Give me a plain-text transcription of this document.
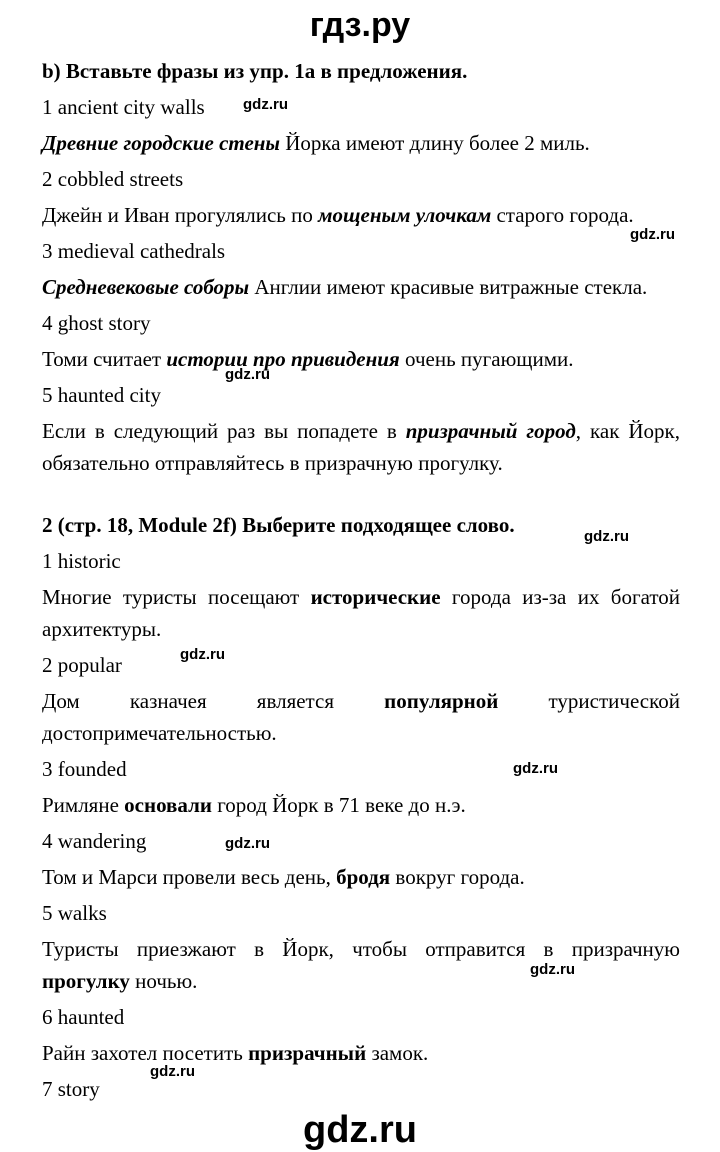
гдз.ру

b) Вставьте фразы из упр. 1а в предложения.

1 ancient city walls

Древние городские стены Йорка имеют длину более 2 миль.

2 cobbled streets

Джейн и Иван прогулялись по мощеным улочкам старого города.

3 medieval cathedrals

Средневековые соборы Англии имеют красивые витражные стекла.

4 ghost story

Томи считает истории про привидения очень пугающими.

5 haunted city

Если в следующий раз вы попадете в призрачный город, как Йорк, обязательно отправляйтесь в призрачную прогулку.

2 (стр. 18, Module 2f) Выберите подходящее слово.

1 historic

Многие туристы посещают исторические города из-за их богатой архитектуры.

2 popular

Дом казначея является популярной туристической достопримечательностью.

3 founded

Римляне основали город Йорк в 71 веке до н.э.

4 wandering

Том и Марси провели весь день, бродя вокруг города.

5 walks

Туристы приезжают в Йорк, чтобы отправится в призрачную прогулку ночью.

6 haunted

Райн захотел посетить призрачный замок.

7 story

gdz.ru
gdz.ru
gdz.ru
gdz.ru
gdz.ru
gdz.ru
gdz.ru
gdz.ru
gdz.ru
gdz.ru
